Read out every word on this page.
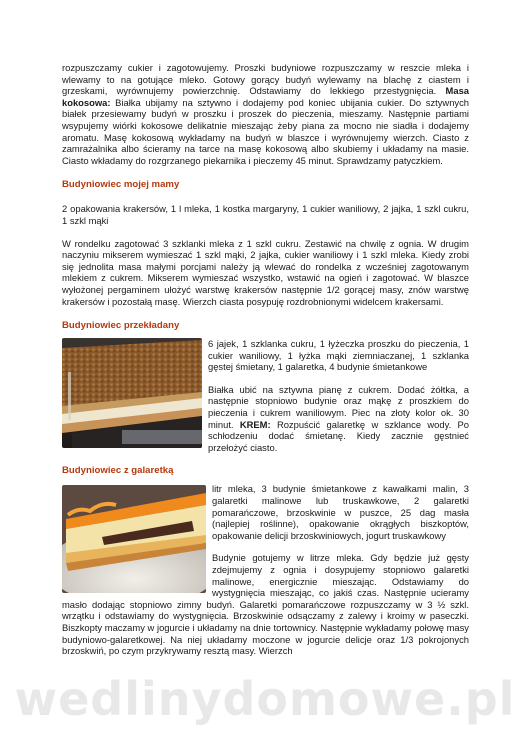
rozpuszczamy cukier i zagotowujemy. Proszki budyniowe rozpuszczamy w reszcie mleka i wlewamy to na gotujące mleko. Gotowy gorący budyń wylewamy na blachę z ciastem i grzeskami, wyrównujemy powierzchnię. Odstawiamy do lekkiego przestygnięcia. Masa kokosowa: Białka ubijamy na sztywno i dodajemy pod koniec ubijania cukier. Do sztywnych białek przesiewamy budyń w proszku i proszek do pieczenia, mieszamy. Następnie partiami wsypujemy wiórki kokosowe delikatnie mieszając żeby piana za mocno nie siadła i dodajemy aromatu. Masę kokosową wykładamy na budyń w blaszce i wyrównujemy wierzch. Ciasto z zamrażalnika albo ścieramy na tarce na masę kokosową albo skubiemy i układamy na masie. Ciasto wkładamy do rozgrzanego piekarnika i pieczemy 45 minut. Sprawdzamy patyczkiem.

Budyniowiec mojej mamy

2 opakowania krakersów, 1 l mleka, 1 kostka margaryny, 1 cukier waniliowy, 2 jajka, 1 szkl cukru, 1 szkl mąki

W rondelku zagotować 3 szklanki mleka z 1 szkl cukru. Zestawić na chwilę z ognia. W drugim naczyniu mikserem wymieszać 1 szkl mąki, 2 jajka, cukier waniliowy i 1 szkl mleka. Kiedy zrobi się jednolita masa małymi porcjami należy ją wlewać do rondelka z wcześniej zagotowanym mlekiem z cukrem. Mikserem wymieszać wszystko, wstawić na ogień i zagotować. W blaszce wyłożonej pergaminem ułożyć warstwę krakersów następnie 1/2 gorącej masy, znów warstwę krakersów i pozostałą masę. Wierzch ciasta posypuję rozdrobnionymi widelcem krakersami.

Budyniowiec przekładany

6 jajek, 1 szklanka cukru, 1 łyżeczka proszku do pieczenia, 1 cukier waniliowy, 1 łyżka mąki ziemniaczanej, 1 szklanka gęstej śmietany, 1 galaretka, 4 budynie śmietankowe

Białka ubić na sztywna pianę z cukrem. Dodać żółtka, a następnie stopniowo budynie oraz mąkę z proszkiem do pieczenia i cukrem waniliowym. Piec na złoty kolor ok. 30 minut. KREM: Rozpuścić galaretkę w szklance wody. Po schłodzeniu dodać śmietanę. Kiedy zacznie gęstnieć przełożyć ciasto.

Budyniowiec z galaretką

litr mleka, 3 budynie śmietankowe z kawałkami malin, 3 galaretki malinowe lub truskawkowe, 2 galaretki pomarańczowe, brzoskwinie w puszce, 25 dag masła (najlepiej roślinne), opakowanie okrągłych biszkoptów, opakowanie delicji brzoskwiniowych, jogurt truskawkowy

Budynie gotujemy w litrze mleka. Gdy będzie już gęsty zdejmujemy z ognia i dosypujemy stopniowo galaretki malinowe, energicznie mieszając. Odstawiamy do wystygnięcia mieszając, co jakiś czas. Następnie ucieramy masło dodając stopniowo zimny budyń. Galaretki pomarańczowe rozpuszczamy w 3 ½ szkl. wrzątku i odstawiamy do wystygnięcia. Brzoskwinie odsączamy z zalewy i kroimy w paseczki. Biszkopty maczamy w jogurcie i układamy na dnie tortownicy. Następnie wykładamy połowę masy budyniowo-galaretkowej. Na niej układamy moczone w jogurcie delicje oraz 1/3 pokrojonych brzoskwiń, po czym przykrywamy resztą masy. Wierzch

wedlinydomowe.pl
